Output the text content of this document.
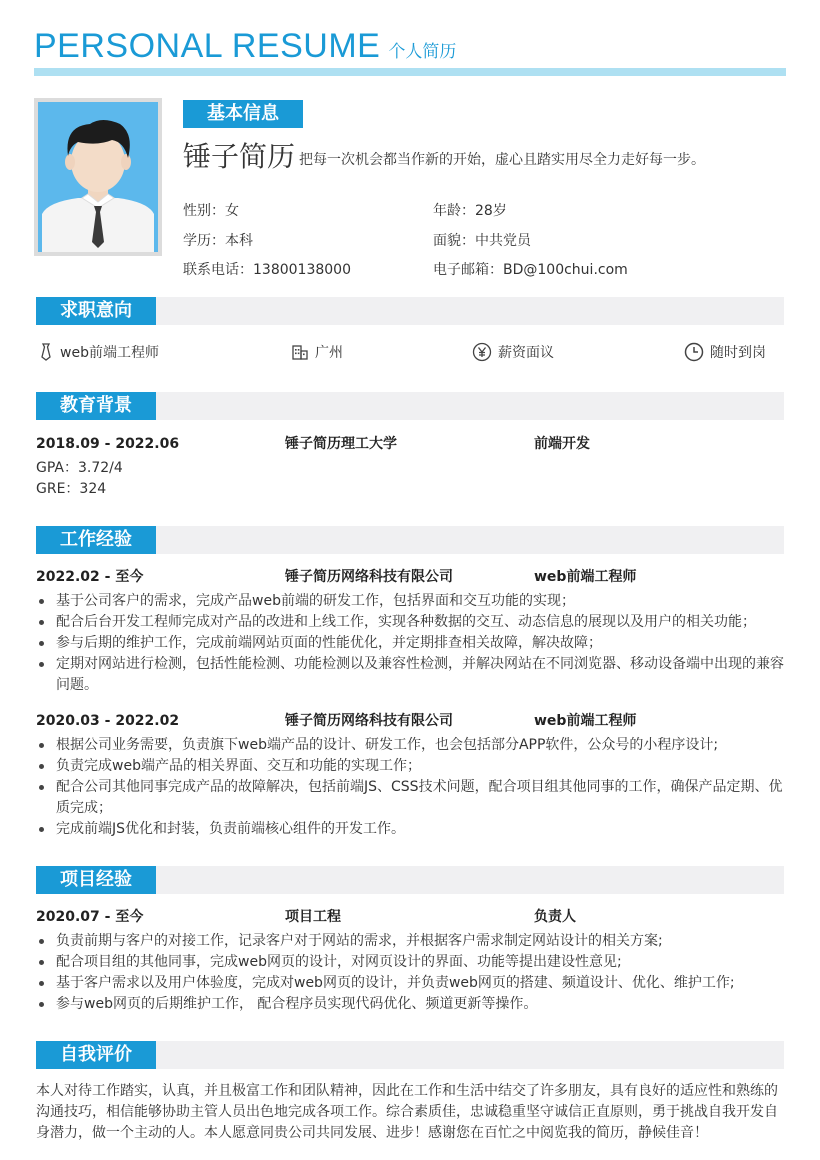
PERSONAL RESUME 个人简历
基本信息
锤子简历 把每一次机会都当作新的开始，虚心且踏实用尽全力走好每一步。
性别：女	年龄：28岁
学历：本科	面貌：中共党员
联系电话：13800138000	电子邮箱：BD@100chui.com
求职意向
web前端工程师	广州	薪资面议	随时到岗
教育背景
2018.09 - 2022.06	锤子简历理工大学	前端开发
GPA：3.72/4
GRE：324
工作经验
2022.02 - 至今	锤子简历网络科技有限公司	web前端工程师
基于公司客户的需求，完成产品web前端的研发工作，包括界面和交互功能的实现；
配合后台开发工程师完成对产品的改进和上线工作，实现各种数据的交互、动态信息的展现以及用户的相关功能；
参与后期的维护工作，完成前端网站页面的性能优化，并定期排查相关故障，解决故障；
定期对网站进行检测，包括性能检测、功能检测以及兼容性检测，并解决网站在不同浏览器、移动设备端中出现的兼容问题。
2020.03 - 2022.02	锤子简历网络科技有限公司	web前端工程师
根据公司业务需要，负责旗下web端产品的设计、研发工作，也会包括部分APP软件，公众号的小程序设计;
负责完成web端产品的相关界面、交互和功能的实现工作；
配合公司其他同事完成产品的故障解决，包括前端JS、CSS技术问题，配合项目组其他同事的工作，确保产品定期、优质完成；
完成前端JS优化和封装，负责前端核心组件的开发工作。
项目经验
2020.07 - 至今	项目工程	负责人
负责前期与客户的对接工作，记录客户对于网站的需求，并根据客户需求制定网站设计的相关方案;
配合项目组的其他同事，完成web网页的设计，对网页设计的界面、功能等提出建设性意见;
基于客户需求以及用户体验度，完成对web网页的设计，并负责web网页的搭建、频道设计、优化、维护工作;
参与web网页的后期维护工作， 配合程序员实现代码优化、频道更新等操作。
自我评价
本人对待工作踏实，认真，并且极富工作和团队精神，因此在工作和生活中结交了许多朋友，具有良好的适应性和熟练的沟通技巧，相信能够协助主管人员出色地完成各项工作。综合素质佳，忠诚稳重坚守诚信正直原则，勇于挑战自我开发自身潜力，做一个主动的人。本人愿意同贵公司共同发展、进步！感谢您在百忙之中阅览我的简历，静候佳音！
